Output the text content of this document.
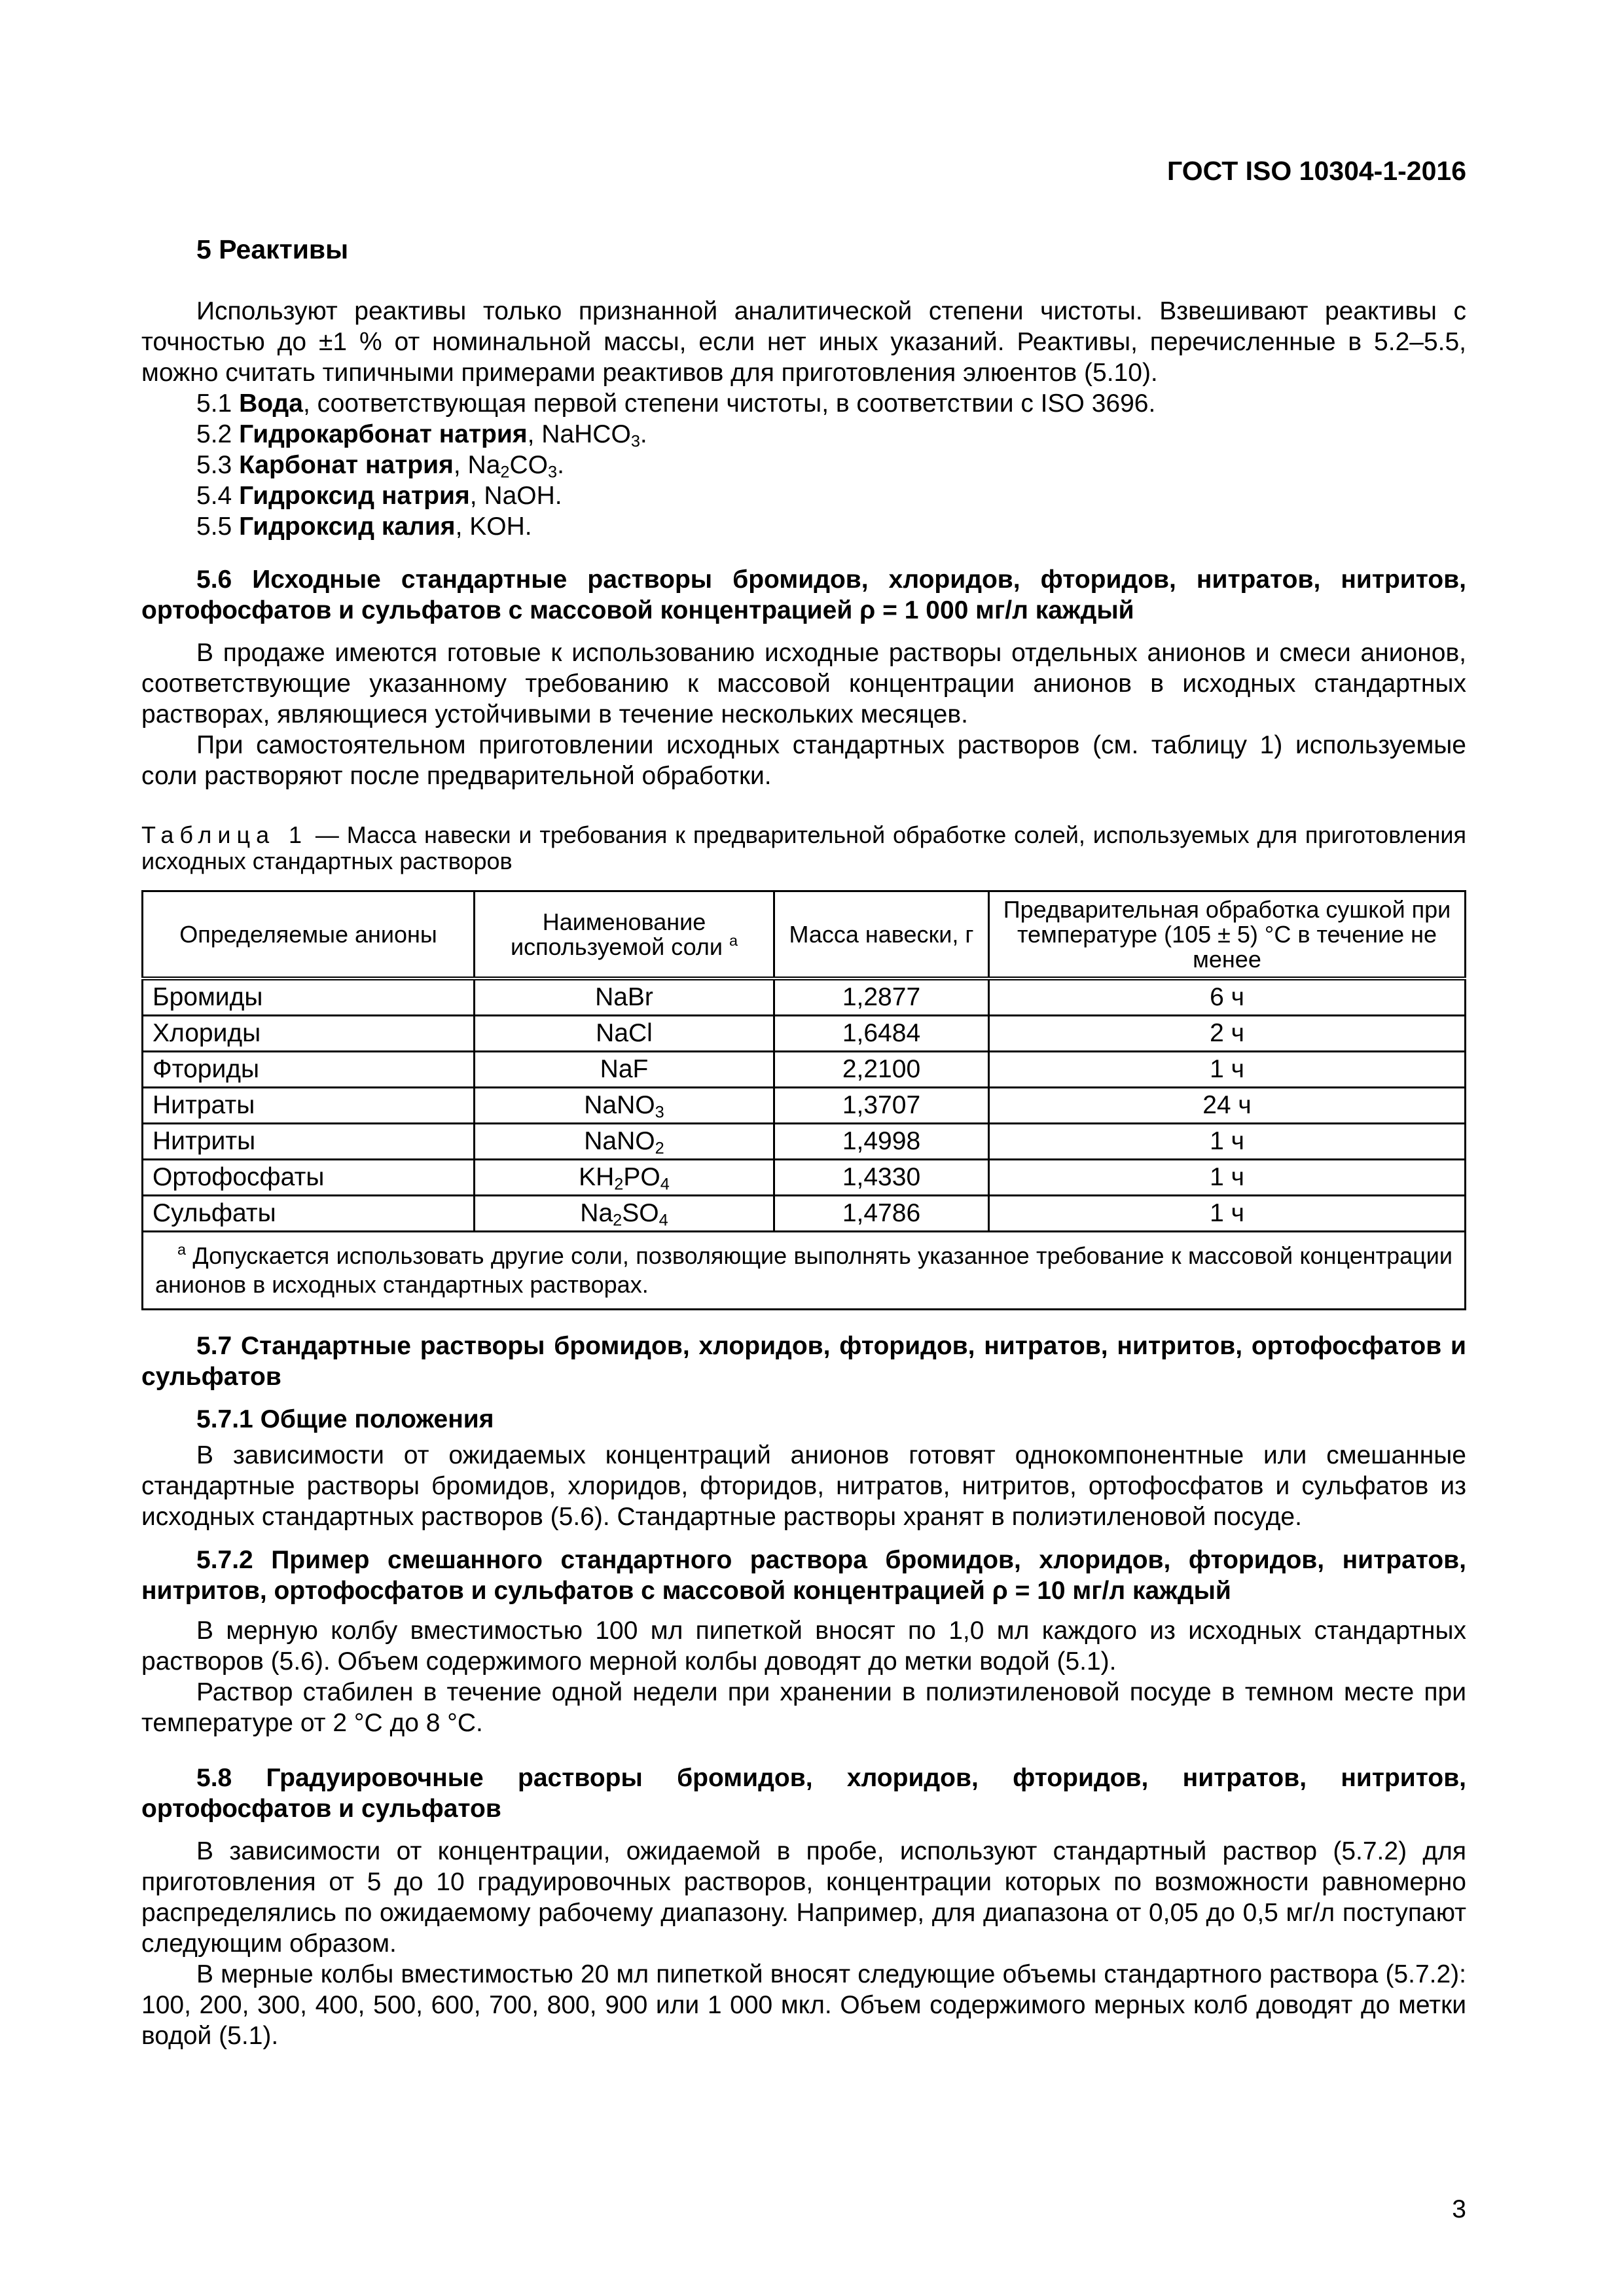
ГОСТ ISO 10304-1-2016
5 Реактивы

Используют реактивы только признанной аналитической степени чистоты. Взвешивают реактивы с точностью до ±1 % от номинальной массы, если нет иных указаний. Реактивы, перечисленные в 5.2–5.5, можно считать типичными примерами реактивов для приготовления элюентов (5.10).

5.1 Вода, соответствующая первой степени чистоты, в соответствии с ISO 3696.

5.2 Гидрокарбонат натрия, NaHCO$_3$.

5.3 Карбонат натрия, $Na_2CO_3$.

5.4 Гидроксид натрия, NaOH.

5.5 Гидроксид калия, KOH.

5.6 Исходные стандартные растворы бромидов, хлоридов, фторидов, нитратов, нитритов, ортофосфатов и сульфатов с массовой концентрацией ρ = 1 000 мг/л каждый

В продаже имеются готовые к использованию исходные растворы отдельных анионов и смеси анионов, соответствующие указанному требованию к массовой концентрации анионов в исходных стандартных растворах, являющиеся устойчивыми в течение нескольких месяцев.

При самостоятельном приготовлении исходных стандартных растворов (см. таблицу 1) используемые соли растворяют после предварительной обработки.

Таблица 1 — Масса навески и требования к предварительной обработке солей, используемых для приготовления исходных стандартных растворов
Определяемые анионы	Наименование используемой соли $^a$	Масса навески, г	Предварительная обработка сушкой при температуре (105 ± 5) °С в течение не менее
Бромиды	NaBr	1,2877	6 ч
Хлориды	NaCl	1,6484	2 ч
Фториды	NaF	2,2100	1 ч
Нитраты	NaNO$_3$	1,3707	24 ч
Нитриты	NaNO$_2$	1,4998	1 ч
Ортофосфаты	$KH_2PO_4$	1,4330	1 ч
Сульфаты	$Na_2SO_4$	1,4786	1 ч
$^a$ Допускается использовать другие соли, позволяющие выполнять указанное требование к массовой концентрации анионов в исходных стандартных растворах.			

5.7 Стандартные растворы бромидов, хлоридов, фторидов, нитратов, нитритов, ортофосфатов и сульфатов

5.7.1 Общие положения

В зависимости от ожидаемых концентраций анионов готовят однокомпонентные или смешанные стандартные растворы бромидов, хлоридов, фторидов, нитратов, нитритов, ортофосфатов и сульфатов из исходных стандартных растворов (5.6). Стандартные растворы хранят в полиэтиленовой посуде.

5.7.2 Пример смешанного стандартного раствора бромидов, хлоридов, фторидов, нитратов, нитритов, ортофосфатов и сульфатов с массовой концентрацией ρ = 10 мг/л каждый

В мерную колбу вместимостью 100 мл пипеткой вносят по 1,0 мл каждого из исходных стандартных растворов (5.6). Объем содержимого мерной колбы доводят до метки водой (5.1).

Раствор стабилен в течение одной недели при хранении в полиэтиленовой посуде в темном месте при температуре от 2 °С до 8 °С.

5.8 Градуировочные растворы бромидов, хлоридов, фторидов, нитратов, нитритов, ортофосфатов и сульфатов

В зависимости от концентрации, ожидаемой в пробе, используют стандартный раствор (5.7.2) для приготовления от 5 до 10 градуировочных растворов, концентрации которых по возможности равномерно распределялись по ожидаемому рабочему диапазону. Например, для диапазона от 0,05 до 0,5 мг/л поступают следующим образом.

В мерные колбы вместимостью 20 мл пипеткой вносят следующие объемы стандартного раствора (5.7.2): 100, 200, 300, 400, 500, 600, 700, 800, 900 или 1 000 мкл. Объем содержимого мерных колб доводят до метки водой (5.1).

3
